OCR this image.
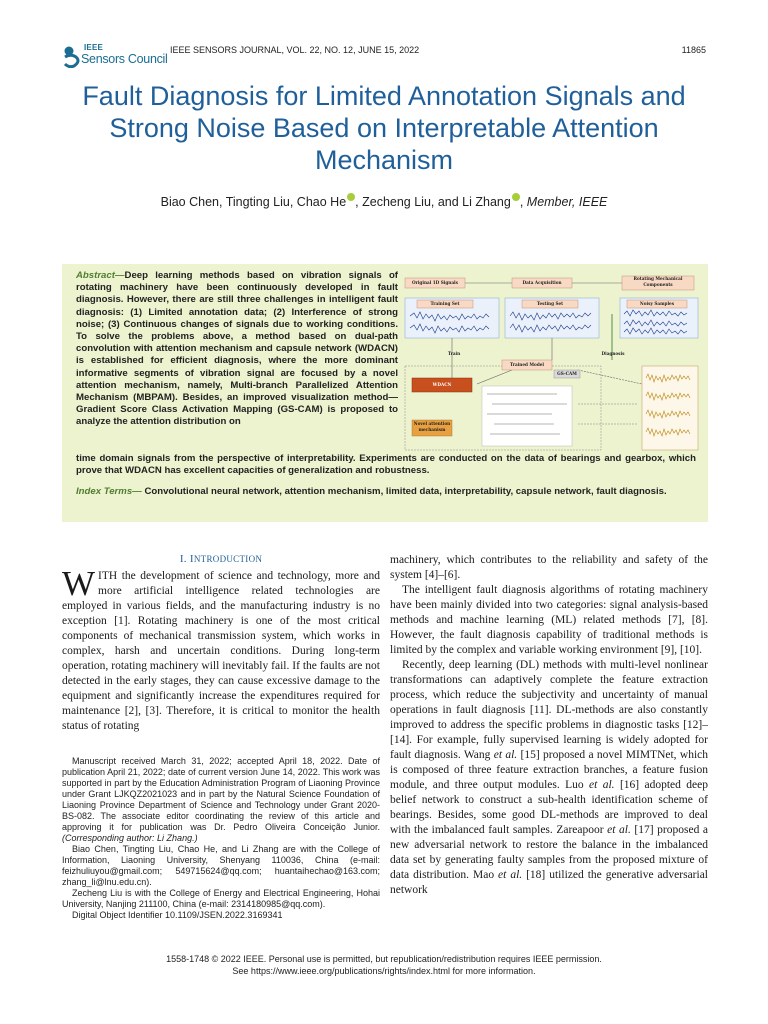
IEEE
Sensors Council
IEEE SENSORS JOURNAL, VOL. 22, NO. 12, JUNE 15, 2022	11865
Fault Diagnosis for Limited Annotation Signals and Strong Noise Based on Interpretable Attention Mechanism
Biao Chen, Tingting Liu, Chao He , Zecheng Liu, and Li Zhang , Member, IEEE
Abstract—Deep learning methods based on vibration signals of rotating machinery have been continuously developed in fault diagnosis. However, there are still three challenges in intelligent fault diagnosis: (1) Limited annotation data; (2) Interference of strong noise; (3) Continuous changes of signals due to working conditions. To solve the problems above, a method based on dual-path convolution with attention mechanism and capsule network (WDACN) is established for efficient diagnosis, where the more dominant informative segments of vibration signal are focused by a novel attention mechanism, namely, Multi-branch Parallelized Attention Mechanism (MBPAM). Besides, an improved visualization method—Gradient Score Class Activation Mapping (GS-CAM) is proposed to analyze the attention distribution on
Original 1D Signals	Data Acquisition
Rotating Mechanical Components
Training Set	Testing Set	Noisy Samples
Train
Trained Model
GS-CAM
WDACN
Novel attention mechanism
Diagnosis
time domain signals from the perspective of interpretability. Experiments are conducted on the data of bearings and gearbox, which prove that WDACN has excellent capacities of generalization and robustness.
Index Terms— Convolutional neural network, attention mechanism, limited data, interpretability, capsule network, fault diagnosis.
I. INTRODUCTION
WITH the development of science and technology, more and more artificial intelligence related technologies are employed in various fields, and the manufacturing industry is no exception [1]. Rotating machinery is one of the most critical components of mechanical transmission system, which works in complex, harsh and uncertain conditions. During long-term operation, rotating machinery will inevitably fail. If the faults are not detected in the early stages, they can cause excessive damage to the equipment and significantly increase the expenditures required for maintenance [2], [3]. Therefore, it is critical to monitor the health status of rotating

Manuscript received March 31, 2022; accepted April 18, 2022. Date of publication April 21, 2022; date of current version June 14, 2022. This work was supported in part by the Education Administration Program of Liaoning Province under Grant LJKQZ2021023 and in part by the Natural Science Foundation of Liaoning Province Department of Science and Technology under Grant 2020-BS-082. The associate editor coordinating the review of this article and approving it for publication was Dr. Pedro Oliveira Conceição Junior. (Corresponding author: Li Zhang.)

Biao Chen, Tingting Liu, Chao He, and Li Zhang are with the College of Information, Liaoning University, Shenyang 110036, China (e-mail: feizhuliuyou@gmail.com; 549715624@qq.com; huantaihechao@163.com; zhang_li@lnu.edu.cn).

Zecheng Liu is with the College of Energy and Electrical Engineering, Hohai University, Nanjing 211100, China (e-mail: 2314180985@qq.com).

Digital Object Identifier 10.1109/JSEN.2022.3169341

machinery, which contributes to the reliability and safety of the system [4]–[6].

The intelligent fault diagnosis algorithms of rotating machinery have been mainly divided into two categories: signal analysis-based methods and machine learning (ML) related methods [7], [8]. However, the fault diagnosis capability of traditional methods is limited by the complex and variable working environment [9], [10].

Recently, deep learning (DL) methods with multi-level nonlinear transformations can adaptively complete the feature extraction process, which reduce the subjectivity and uncertainty of manual operations in fault diagnosis [11]. DL-methods are also constantly improved to address the specific problems in diagnostic tasks [12]–[14]. For example, fully supervised learning is widely adopted for fault diagnosis. Wang et al. [15] proposed a novel MIMTNet, which is composed of three feature extraction branches, a feature fusion module, and three output modules. Luo et al. [16] adopted deep belief network to construct a sub-health identification scheme of bearings. Besides, some good DL-methods are improved to deal with the imbalanced fault samples. Zareapoor et al. [17] proposed a new adversarial network to restore the balance in the imbalanced data set by generating faulty samples from the proposed mixture of data distribution. Mao et al. [18] utilized the generative adversarial network

1558-1748 © 2022 IEEE. Personal use is permitted, but republication/redistribution requires IEEE permission.
See https://www.ieee.org/publications/rights/index.html for more information.
